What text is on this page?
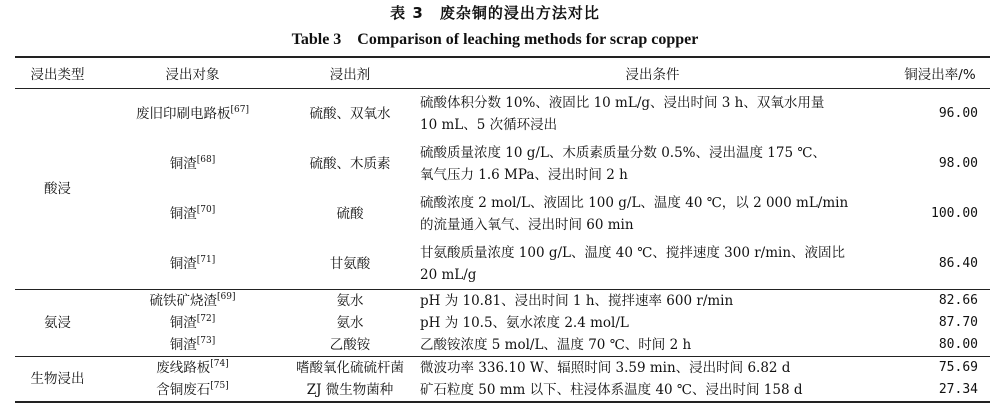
表 3　废杂铜的浸出方法对比
Table 3　Comparison of leaching methods for scrap copper
浸出类型	浸出对象	浸出剂	浸出条件	铜浸出率/%
酸浸	废旧印刷电路板[67]	硫酸、双氧水	硫酸体积分数 10%、液固比 10 mL/g、浸出时间 3 h、双氧水用量
10 mL、5 次循环浸出	96.00
	铜渣[68]	硫酸、木质素	硫酸质量浓度 10 g/L、木质素质量分数 0.5%、浸出温度 175 ℃、
氧气压力 1.6 MPa、浸出时间 2 h	98.00
	铜渣[70]	硫酸	硫酸浓度 2 mol/L、液固比 100 g/L、温度 40 ℃，以 2 000 mL/min
的流量通入氧气、浸出时间 60 min	100.00
	铜渣[71]	甘氨酸	甘氨酸质量浓度 100 g/L、温度 40 ℃、搅拌速度 300 r/min、液固比
20 mL/g	86.40
氨浸	硫铁矿烧渣[69]	氨水	pH 为 10.81、浸出时间 1 h、搅拌速率 600 r/min	82.66
	铜渣[72]	氨水	pH 为 10.5、氨水浓度 2.4 mol/L	87.70
	铜渣[73]	乙酸铵	乙酸铵浓度 5 mol/L、温度 70 ℃、时间 2 h	80.00
生物浸出	废线路板[74]	嗜酸氧化硫硫杆菌	微波功率 336.10 W、辐照时间 3.59 min、浸出时间 6.82 d	75.69
	含铜废石[75]	ZJ 微生物菌种	矿石粒度 50 mm 以下、柱浸体系温度 40 ℃、浸出时间 158 d	27.34
